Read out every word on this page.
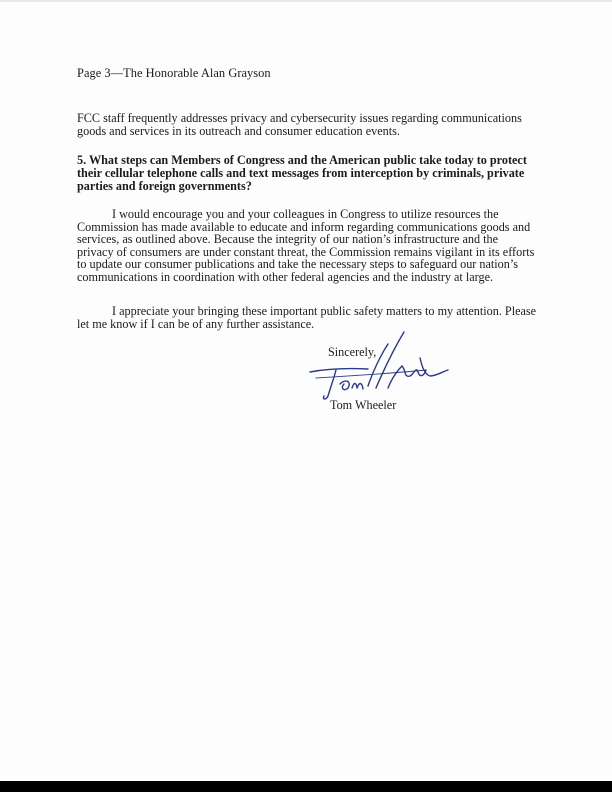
Page 3—The Honorable Alan Grayson
FCC staff frequently addresses privacy and cybersecurity issues regarding communications goods and services in its outreach and consumer education events.
5. What steps can Members of Congress and the American public take today to protect their cellular telephone calls and text messages from interception by criminals, private parties and foreign governments?
I would encourage you and your colleagues in Congress to utilize resources the Commission has made available to educate and inform regarding communications goods and services, as outlined above. Because the integrity of our nation’s infrastructure and the privacy of consumers are under constant threat, the Commission remains vigilant in its efforts to update our consumer publications and take the necessary steps to safeguard our nation’s communications in coordination with other federal agencies and the industry at large.
I appreciate your bringing these important public safety matters to my attention. Please let me know if I can be of any further assistance.
Sincerely,
Tom Wheeler
